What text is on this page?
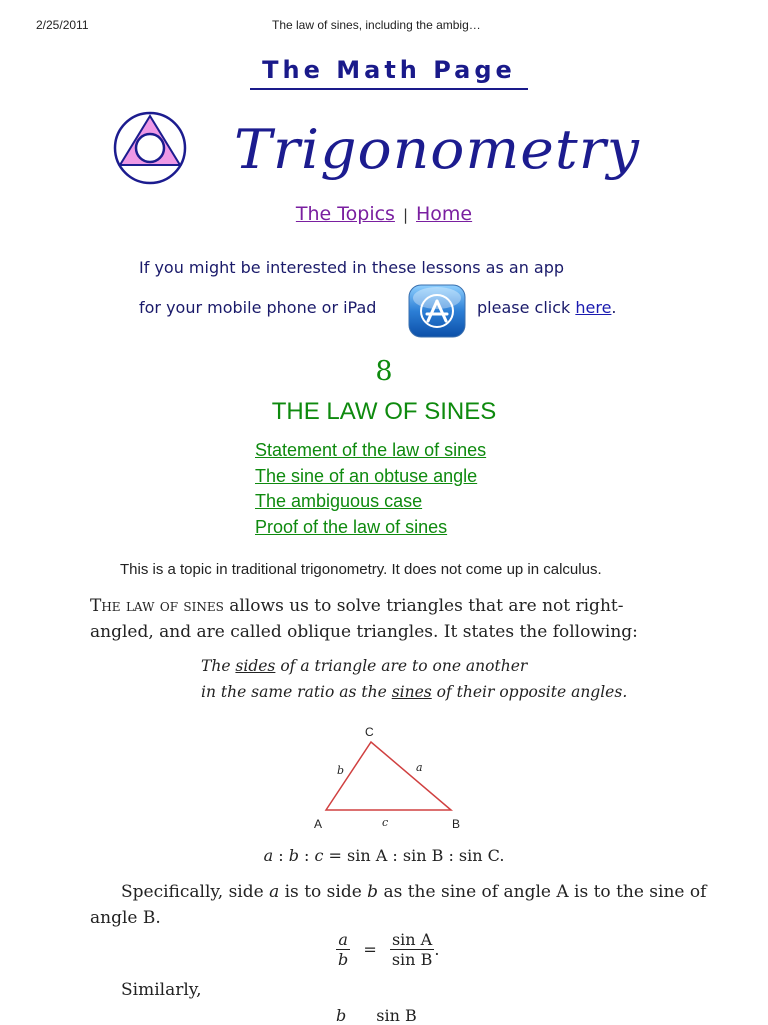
2/25/2011	The law of sines, including the ambig…
The Math Page
Trigonometry
The Topics | Home
If you might be interested in these lessons as an app
for your mobile phone or iPad	please click here.
8
THE LAW OF SINES
Statement of the law of sines
The sine of an obtuse angle
The ambiguous case
Proof of the law of sines
This is a topic in traditional trigonometry. It does not come up in calculus.
The law of sines allows us to solve triangles that are not right-
angled, and are called oblique triangles. It states the following:
The sides of a triangle are to one another
in the same ratio as the sines of their opposite angles.
C
A	B
b	a
c
a : b : c = sin A : sin B : sin C.
Specifically, side a is to side b as the sine of angle A is to the sine of
angle B.
$\frac{a}{b} = \frac{\text{sin A}}{\text{sin B}}$ .
Similarly,
b sin B
